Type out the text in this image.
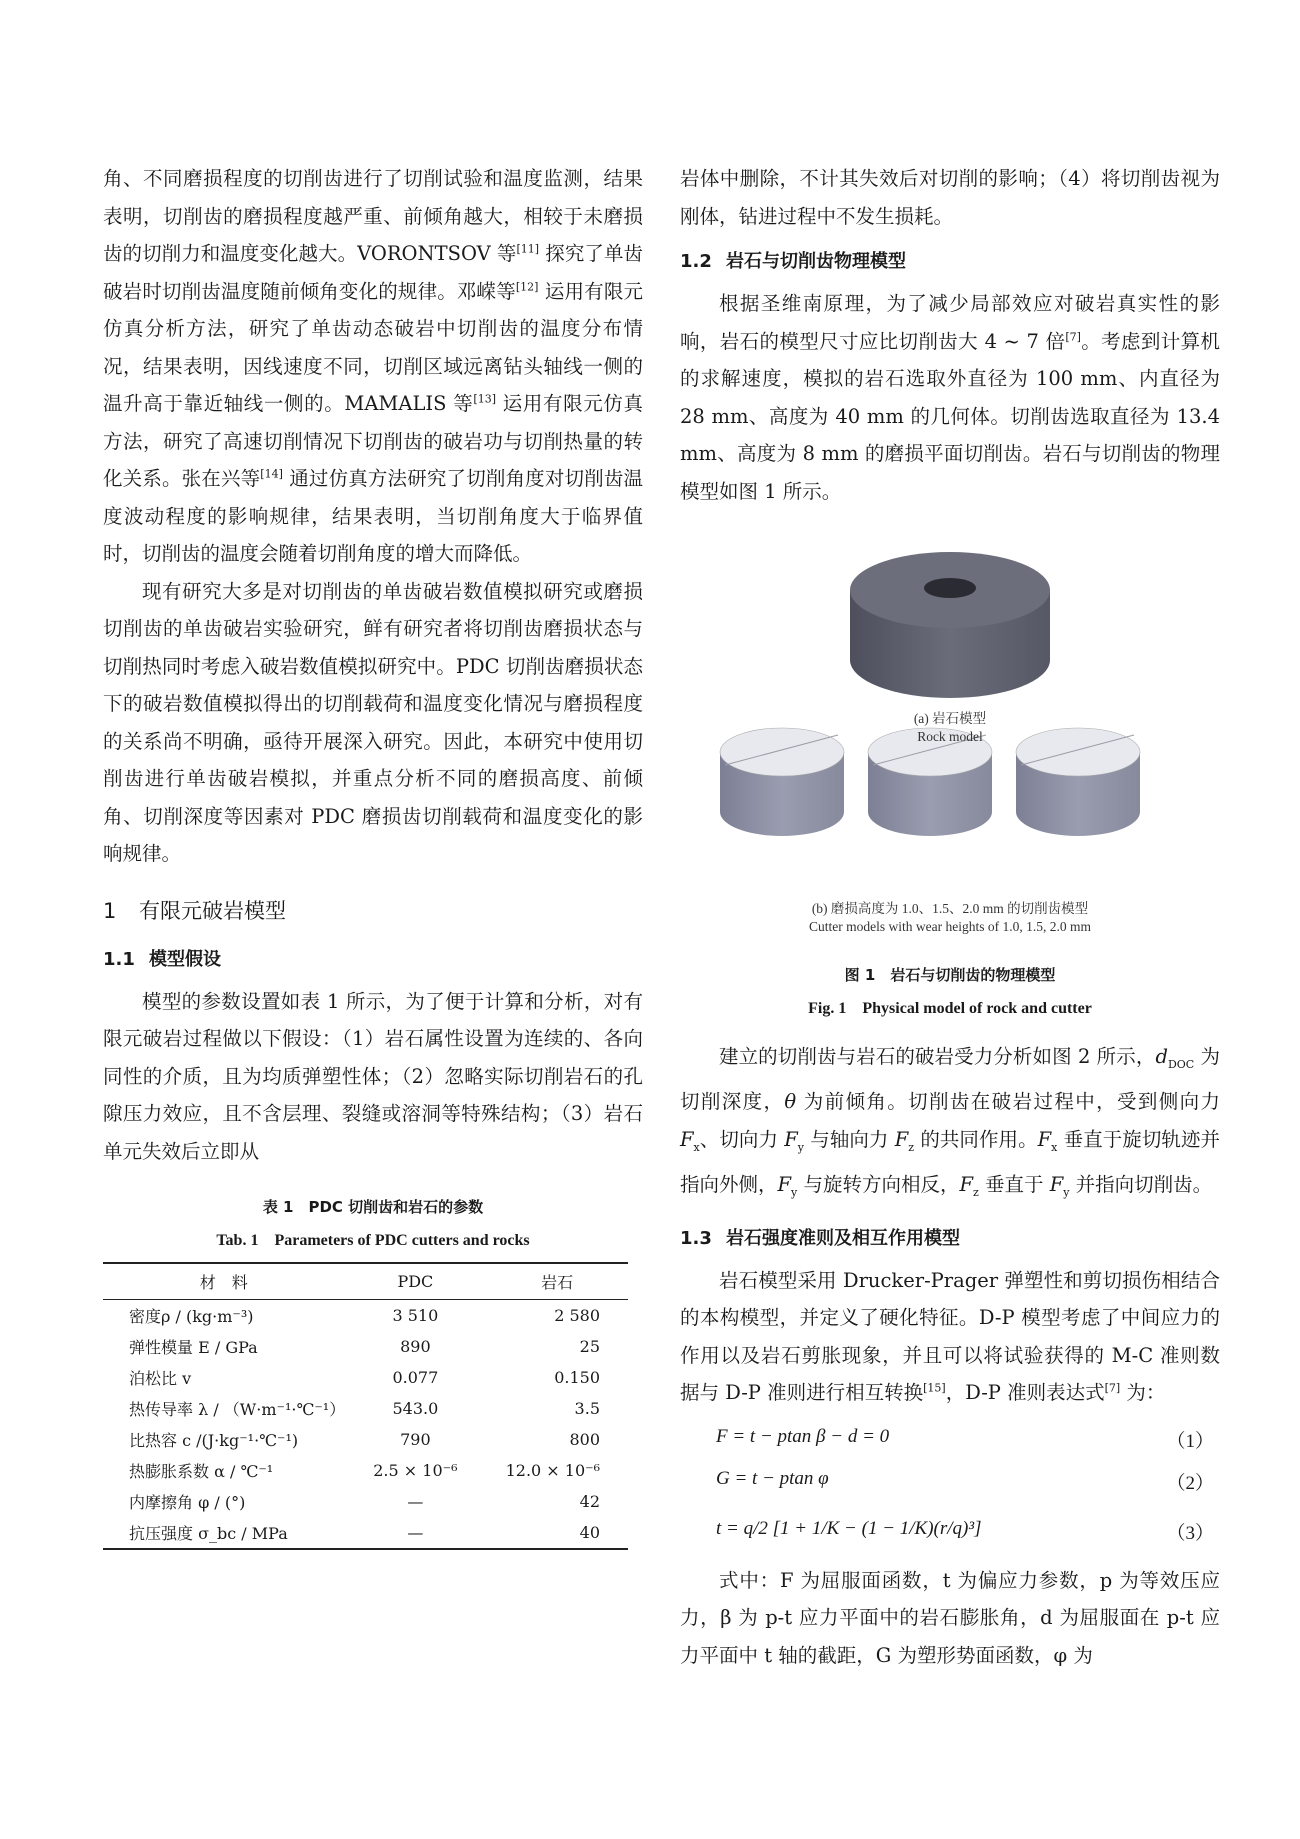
角、不同磨损程度的切削齿进行了切削试验和温度监测，结果表明，切削齿的磨损程度越严重、前倾角越大，相较于未磨损齿的切削力和温度变化越大。VORONTSOV 等[11] 探究了单齿破岩时切削齿温度随前倾角变化的规律。邓嵘等[12] 运用有限元仿真分析方法，研究了单齿动态破岩中切削齿的温度分布情况，结果表明，因线速度不同，切削区域远离钻头轴线一侧的温升高于靠近轴线一侧的。MAMALIS 等[13] 运用有限元仿真方法，研究了高速切削情况下切削齿的破岩功与切削热量的转化关系。张在兴等[14] 通过仿真方法研究了切削角度对切削齿温度波动程度的影响规律，结果表明，当切削角度大于临界值时，切削齿的温度会随着切削角度的增大而降低。

现有研究大多是对切削齿的单齿破岩数值模拟研究或磨损切削齿的单齿破岩实验研究，鲜有研究者将切削齿磨损状态与切削热同时考虑入破岩数值模拟研究中。PDC 切削齿磨损状态下的破岩数值模拟得出的切削载荷和温度变化情况与磨损程度的关系尚不明确，亟待开展深入研究。因此，本研究中使用切削齿进行单齿破岩模拟，并重点分析不同的磨损高度、前倾角、切削深度等因素对 PDC 磨损齿切削载荷和温度变化的影响规律。

1 有限元破岩模型
1.1 模型假设

模型的参数设置如表 1 所示，为了便于计算和分析，对有限元破岩过程做以下假设：（1）岩石属性设置为连续的、各向同性的介质，且为均质弹塑性体；（2）忽略实际切削岩石的孔隙压力效应，且不含层理、裂缝或溶洞等特殊结构；（3）岩石单元失效后立即从

表 1　PDC 切削齿和岩石的参数
Tab. 1　Parameters of PDC cutters and rocks
材　料	PDC	岩石
密度ρ / (kg·m⁻³)	3 510	2 580
弹性模量 E / GPa	890	25
泊松比 v	0.077	0.150
热传导率 λ / （W·m⁻¹·℃⁻¹）	543.0	3.5
比热容 c /(J·kg⁻¹·℃⁻¹)	790	800
热膨胀系数 α / ℃⁻¹	2.5 × 10⁻⁶	12.0 × 10⁻⁶
内摩擦角 φ / (°)	—	42
抗压强度 σ_bc / MPa	—	40

岩体中删除，不计其失效后对切削的影响；（4）将切削齿视为刚体，钻进过程中不发生损耗。

1.2 岩石与切削齿物理模型

根据圣维南原理，为了减少局部效应对破岩真实性的影响，岩石的模型尺寸应比切削齿大 4 ~ 7 倍[7]。考虑到计算机的求解速度，模拟的岩石选取外直径为 100 mm、内直径为 28 mm、高度为 40 mm 的几何体。切削齿选取直径为 13.4 mm、高度为 8 mm 的磨损平面切削齿。岩石与切削齿的物理模型如图 1 所示。

(a) 岩石模型
Rock model
(b) 磨损高度为 1.0、1.5、2.0 mm 的切削齿模型
Cutter models with wear heights of 1.0, 1.5, 2.0 mm
图 1　岩石与切削齿的物理模型
Fig. 1　Physical model of rock and cutter

建立的切削齿与岩石的破岩受力分析如图 2 所示，$d_{DOC}$ 为切削深度，θ 为前倾角。切削齿在破岩过程中，受到侧向力 $F_x$、切向力 $F_y$ 与轴向力 $F_z$ 的共同作用。$F_x$ 垂直于旋切轨迹并指向外侧，$F_y$ 与旋转方向相反，$F_z$ 垂直于 $F_y$ 并指向切削齿。

1.3 岩石强度准则及相互作用模型

岩石模型采用 Drucker-Prager 弹塑性和剪切损伤相结合的本构模型，并定义了硬化特征。D-P 模型考虑了中间应力的作用以及岩石剪胀现象，并且可以将试验获得的 M-C 准则数据与 D-P 准则进行相互转换[15]，D-P 准则表达式[7] 为：

F = t − ptan β − d = 0	（1）
G = t − ptan φ	（2）
t = q/2 [1 + 1/K − (1 − 1/K)(r/q)³]	（3）

式中：F 为屈服面函数，t 为偏应力参数，p 为等效压应力，β 为 p-t 应力平面中的岩石膨胀角，d 为屈服面在 p-t 应力平面中 t 轴的截距，G 为塑形势面函数，φ 为
